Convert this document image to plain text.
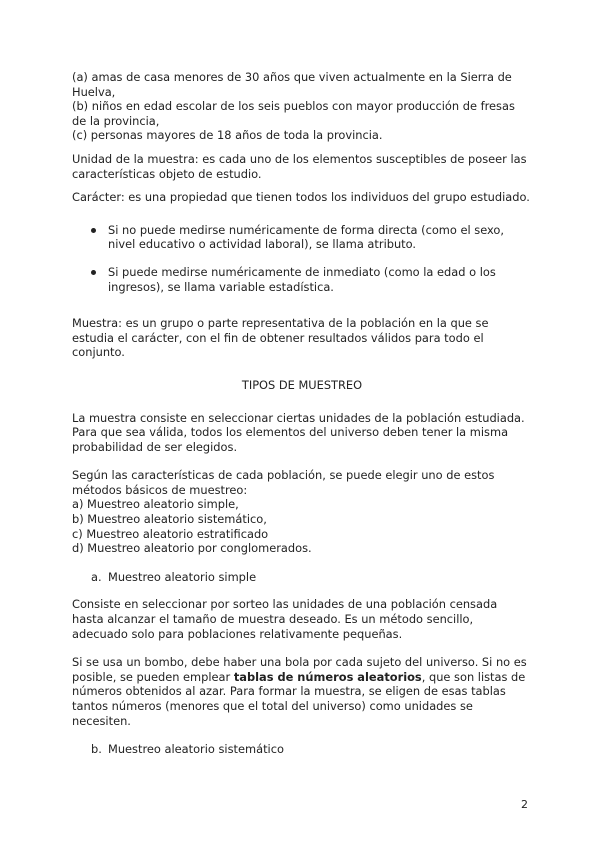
(a) amas de casa menores de 30 años que viven actualmente en la Sierra de Huelva,

(b) niños en edad escolar de los seis pueblos con mayor producción de fresas de la provincia,

(c) personas mayores de 18 años de toda la provincia.

Unidad de la muestra: es cada uno de los elementos susceptibles de poseer las características objeto de estudio.

Carácter: es una propiedad que tienen todos los individuos del grupo estudiado.

Si no puede medirse numéricamente de forma directa (como el sexo, nivel educativo o actividad laboral), se llama atributo.
Si puede medirse numéricamente de inmediato (como la edad o los ingresos), se llama variable estadística.

Muestra: es un grupo o parte representativa de la población en la que se estudia el carácter, con el fin de obtener resultados válidos para todo el conjunto.

TIPOS DE MUESTREO

La muestra consiste en seleccionar ciertas unidades de la población estudiada. Para que sea válida, todos los elementos del universo deben tener la misma probabilidad de ser elegidos.

Según las características de cada población, se puede elegir uno de estos métodos básicos de muestreo:

a) Muestreo aleatorio simple,

b) Muestreo aleatorio sistemático,

c) Muestreo aleatorio estratificado

d) Muestreo aleatorio por conglomerados.

a. Muestreo aleatorio simple

Consiste en seleccionar por sorteo las unidades de una población censada hasta alcanzar el tamaño de muestra deseado. Es un método sencillo, adecuado solo para poblaciones relativamente pequeñas.

Si se usa un bombo, debe haber una bola por cada sujeto del universo. Si no es posible, se pueden emplear tablas de números aleatorios, que son listas de números obtenidos al azar. Para formar la muestra, se eligen de esas tablas tantos números (menores que el total del universo) como unidades se necesiten.

b. Muestreo aleatorio sistemático
2
